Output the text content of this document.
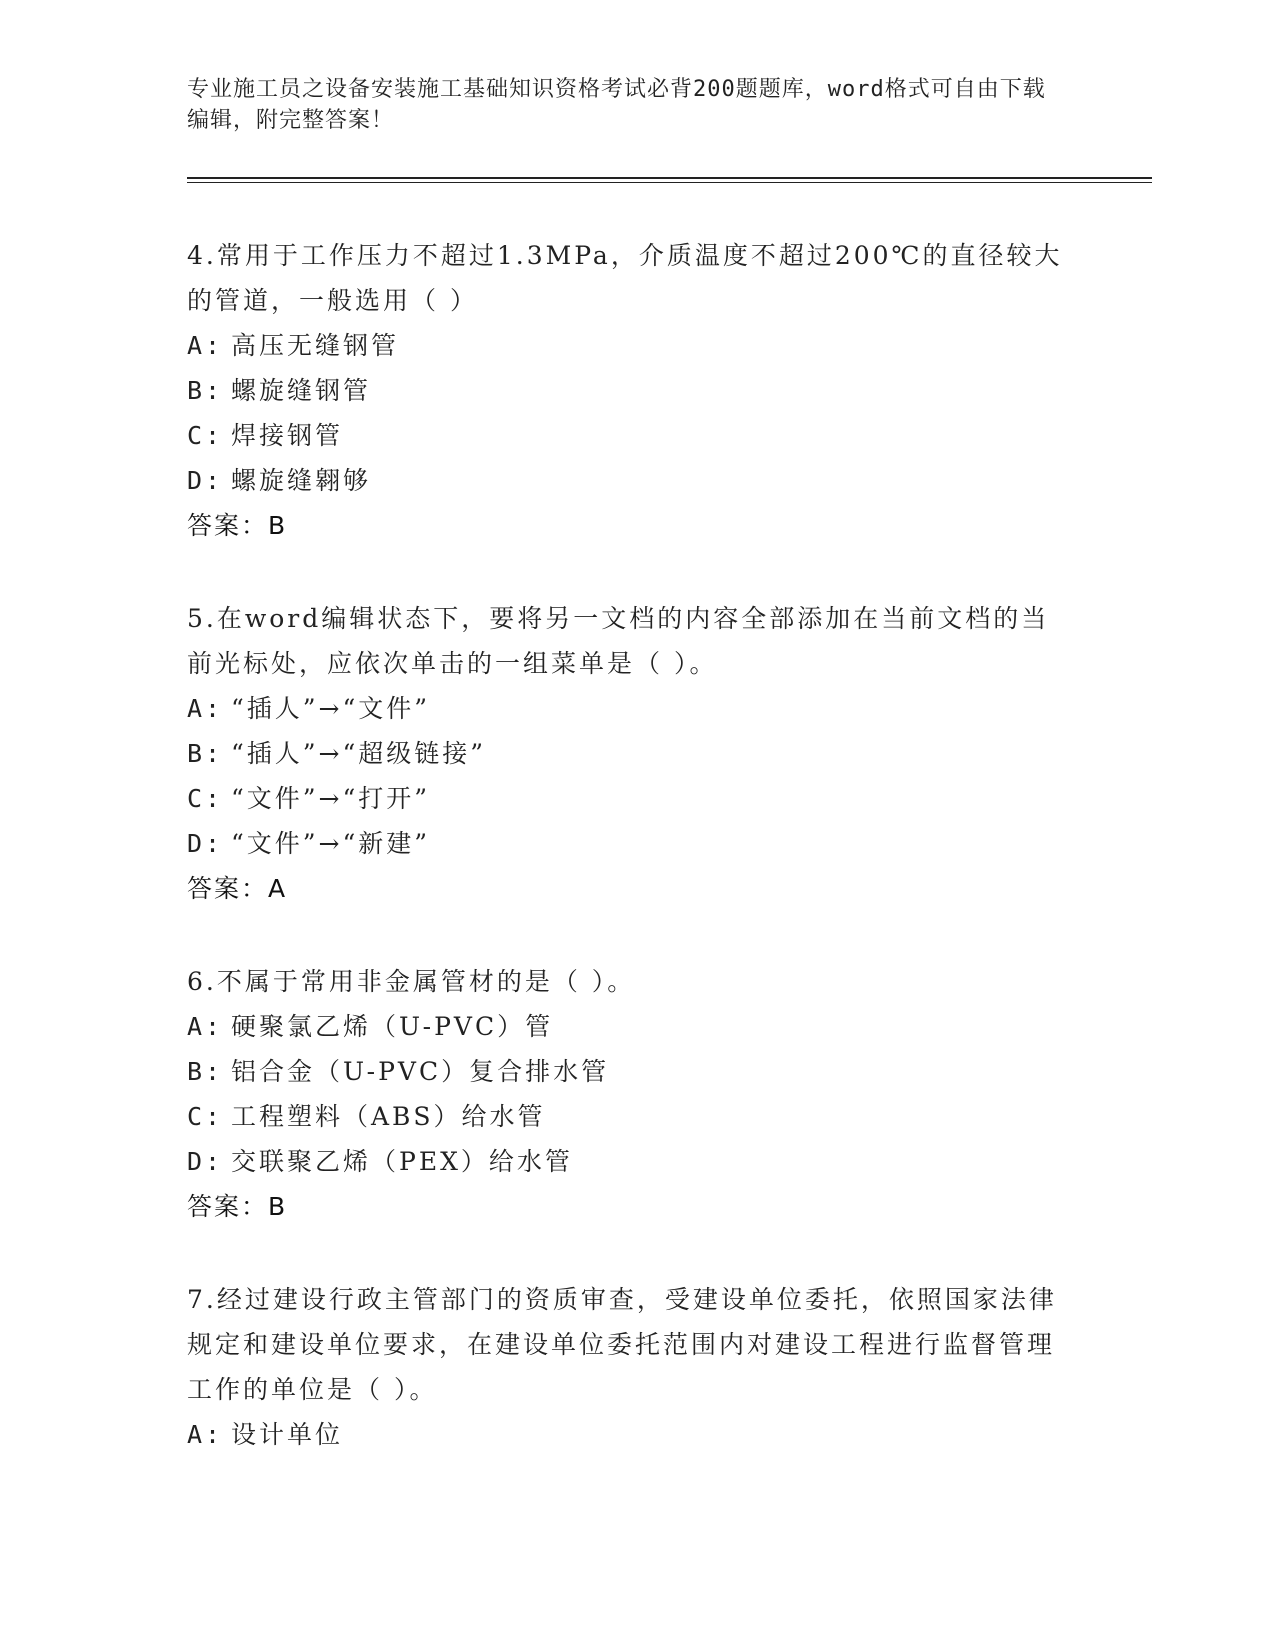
专业施工员之设备安装施工基础知识资格考试必背200题题库，word格式可自由下载编辑，附完整答案！

4.常用于工作压力不超过1.3MPa，介质温度不超过200℃的直径较大的管道，一般选用（ ）

A: 高压无缝钢管
B: 螺旋缝钢管
C: 焊接钢管
D: 螺旋缝翱够
答案：B

5.在word编辑状态下，要将另一文档的内容全部添加在当前文档的当前光标处，应依次单击的一组菜单是（ ）。

A: “插人”→“文件”
B: “插人”→“超级链接”
C: “文件”→“打开”
D: “文件”→“新建”
答案：A

6.不属于常用非金属管材的是（ ）。

A: 硬聚氯乙烯（U-PVC）管
B: 铝合金（U-PVC）复合排水管
C: 工程塑料（ABS）给水管
D: 交联聚乙烯（PEX）给水管
答案：B

7.经过建设行政主管部门的资质审查，受建设单位委托，依照国家法律规定和建设单位要求，在建设单位委托范围内对建设工程进行监督管理工作的单位是（ ）。

A: 设计单位
